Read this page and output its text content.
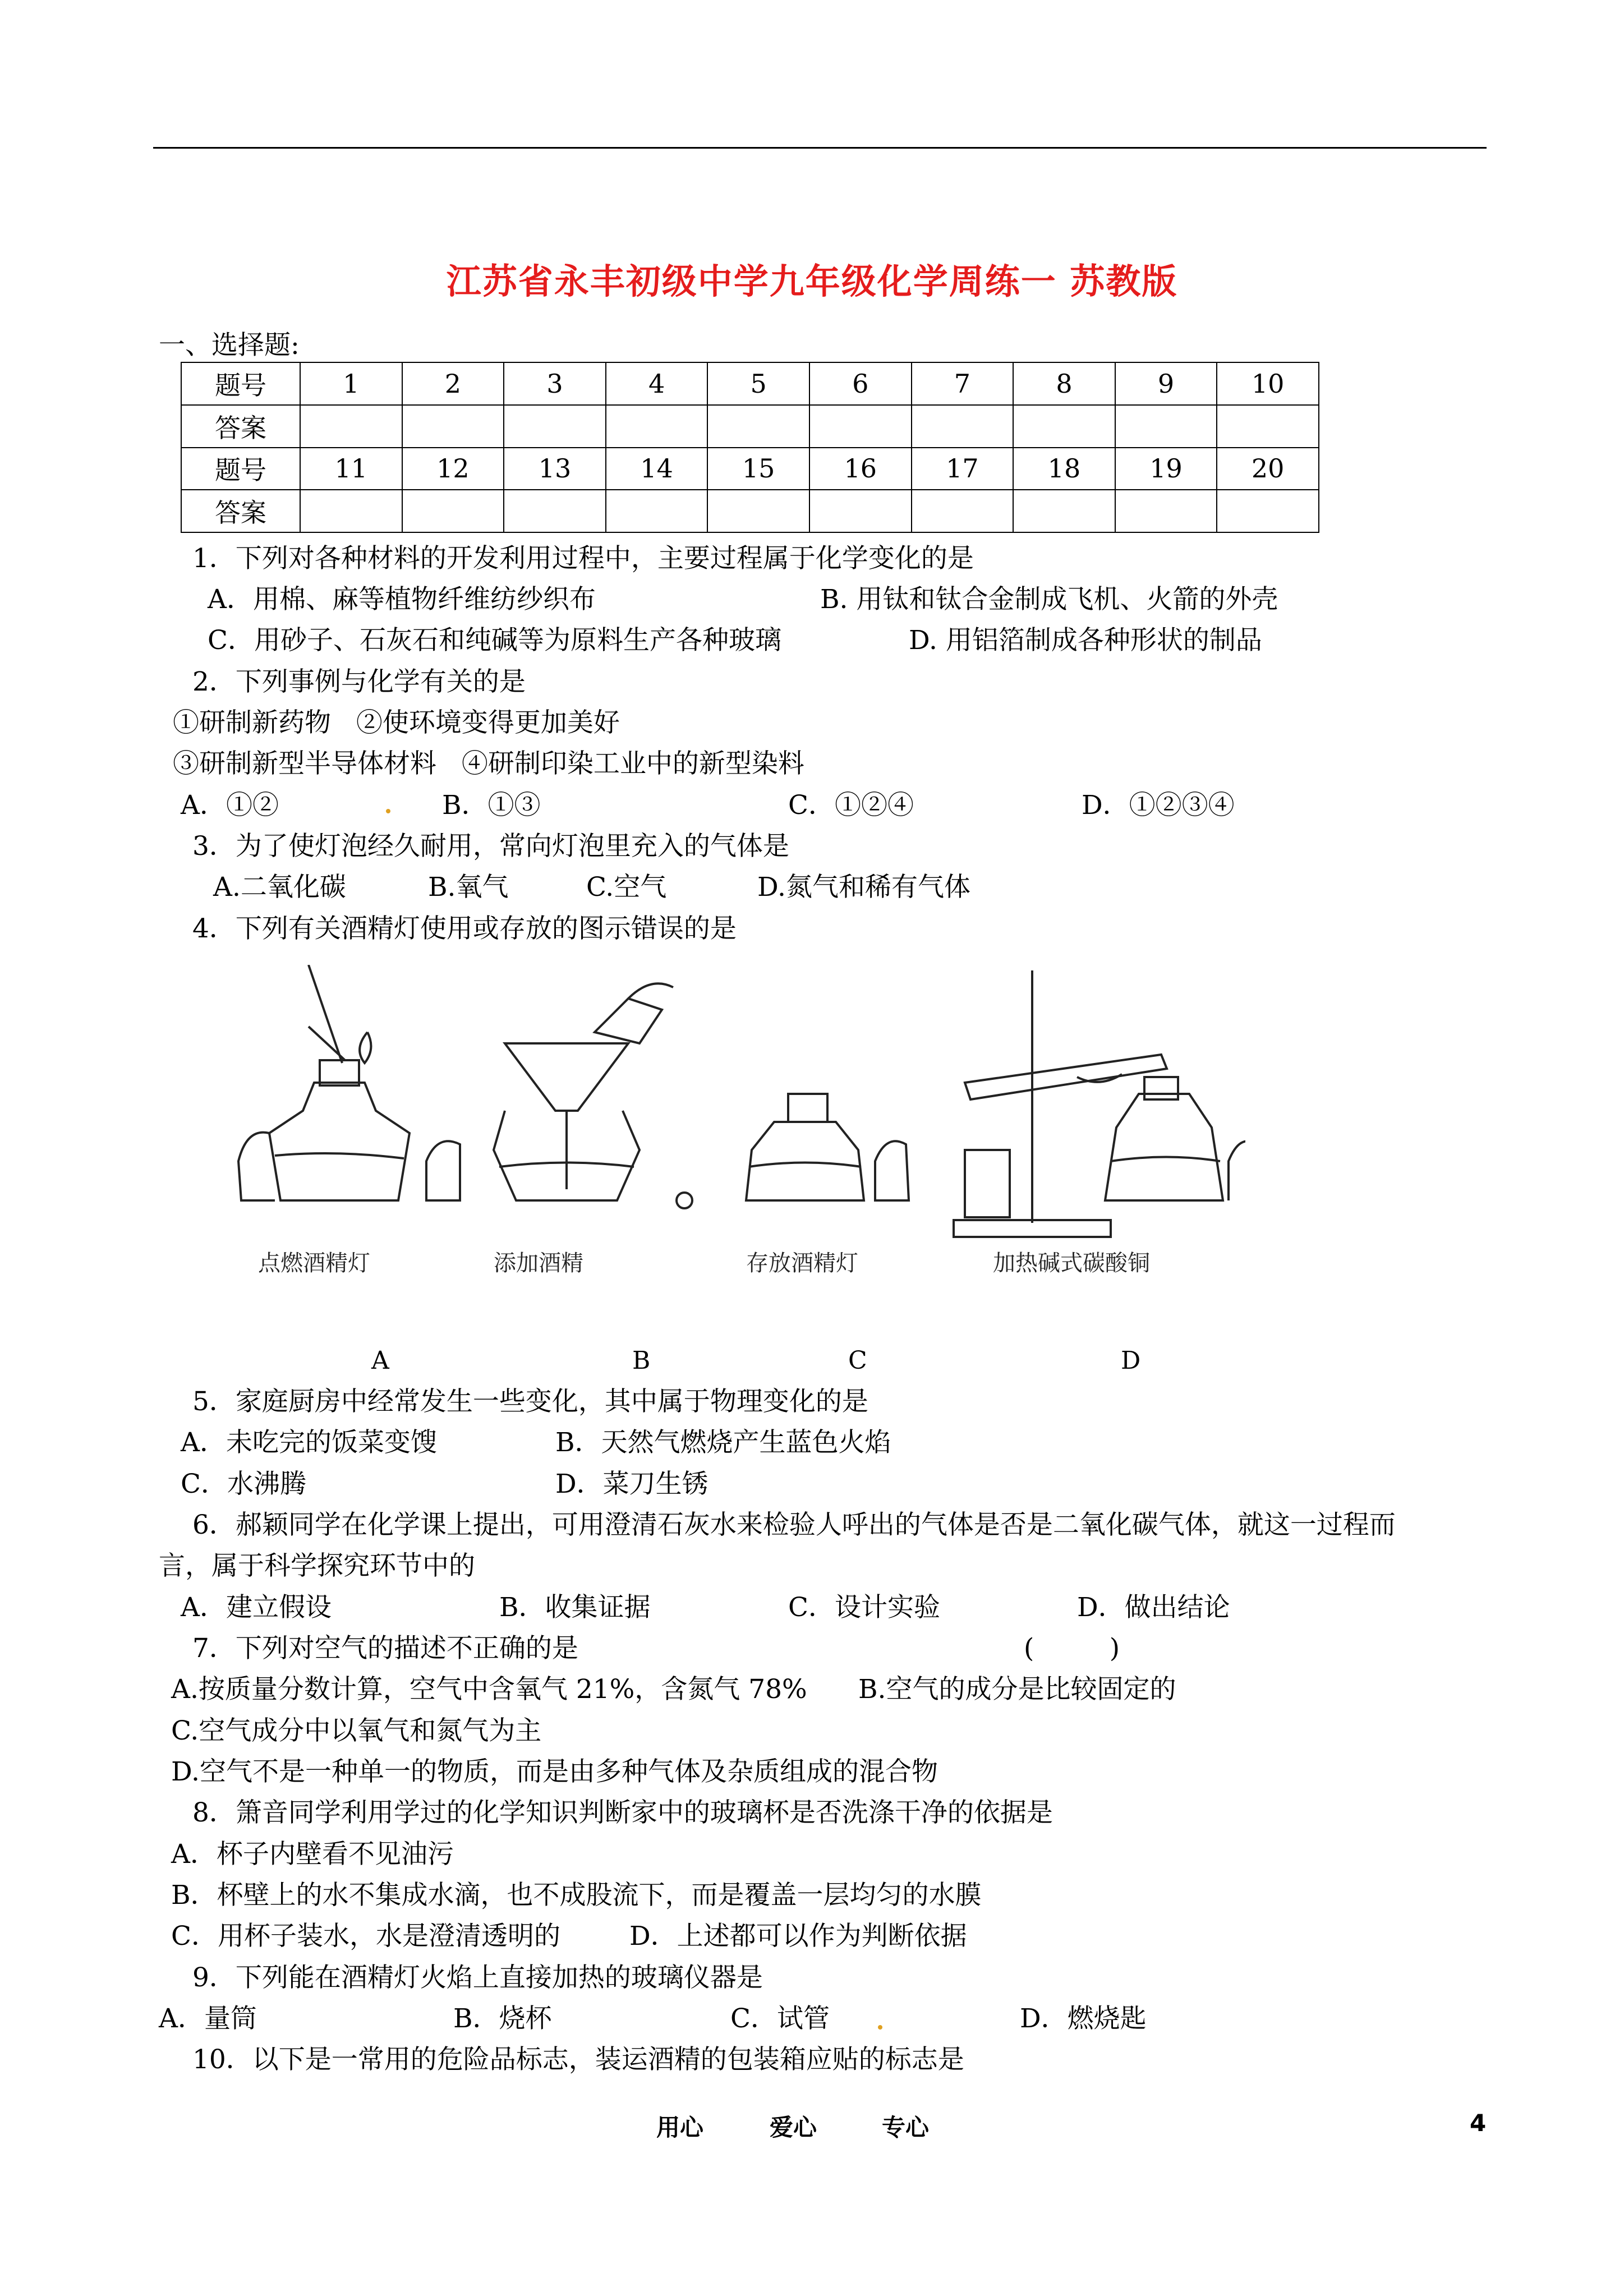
江苏省永丰初级中学九年级化学周练一 苏教版
一、选择题:
题号	1	2	3	4	5	6	7	8	9	10
答案										
题号	11	12	13	14	15	16	17	18	19	20
答案										
1．下列对各种材料的开发利用过程中，主要过程属于化学变化的是
A．用棉、麻等植物纤维纺纱织布	B. 用钛和钛合金制成飞机、火箭的外壳
C．用砂子、石灰石和纯碱等为原料生产各种玻璃	D. 用铝箔制成各种形状的制品
2．下列事例与化学有关的是
①研制新药物   ②使环境变得更加美好
③研制新型半导体材料   ④研制印染工业中的新型染料
A．①②	B．①③	C．①②④	D．①②③④
3．为了使灯泡经久耐用，常向灯泡里充入的气体是
A.二氧化碳	B.氧气	C.空气	D.氮气和稀有气体
4．下列有关酒精灯使用或存放的图示错误的是
点燃酒精灯	添加酒精	存放酒精灯	加热碱式碳酸铜
A	B	C	D
5．家庭厨房中经常发生一些变化，其中属于物理变化的是
A．未吃完的饭菜变馊	B．天然气燃烧产生蓝色火焰
C．水沸腾	D．菜刀生锈
6．郝颖同学在化学课上提出，可用澄清石灰水来检验人呼出的气体是否是二氧化碳气体，就这一过程而
言，属于科学探究环节中的
A．建立假设	B．收集证据	C．设计实验	D．做出结论
7．下列对空气的描述不正确的是	(         )
A.按质量分数计算，空气中含氧气 21%，含氮气 78% B.空气的成分是比较固定的
C.空气成分中以氧气和氮气为主
D.空气不是一种单一的物质，而是由多种气体及杂质组成的混合物
8．箫音同学利用学过的化学知识判断家中的玻璃杯是否洗涤干净的依据是
A．杯子内壁看不见油污
B．杯壁上的水不集成水滴，也不成股流下，而是覆盖一层均匀的水膜
C．用杯子装水，水是澄清透明的	D．上述都可以作为判断依据
9．下列能在酒精灯火焰上直接加热的玻璃仪器是
A．量筒	B．烧杯	C．试管	D．燃烧匙
10．以下是一常用的危险品标志，装运酒精的包装箱应贴的标志是
用心	爱心	专心	4
